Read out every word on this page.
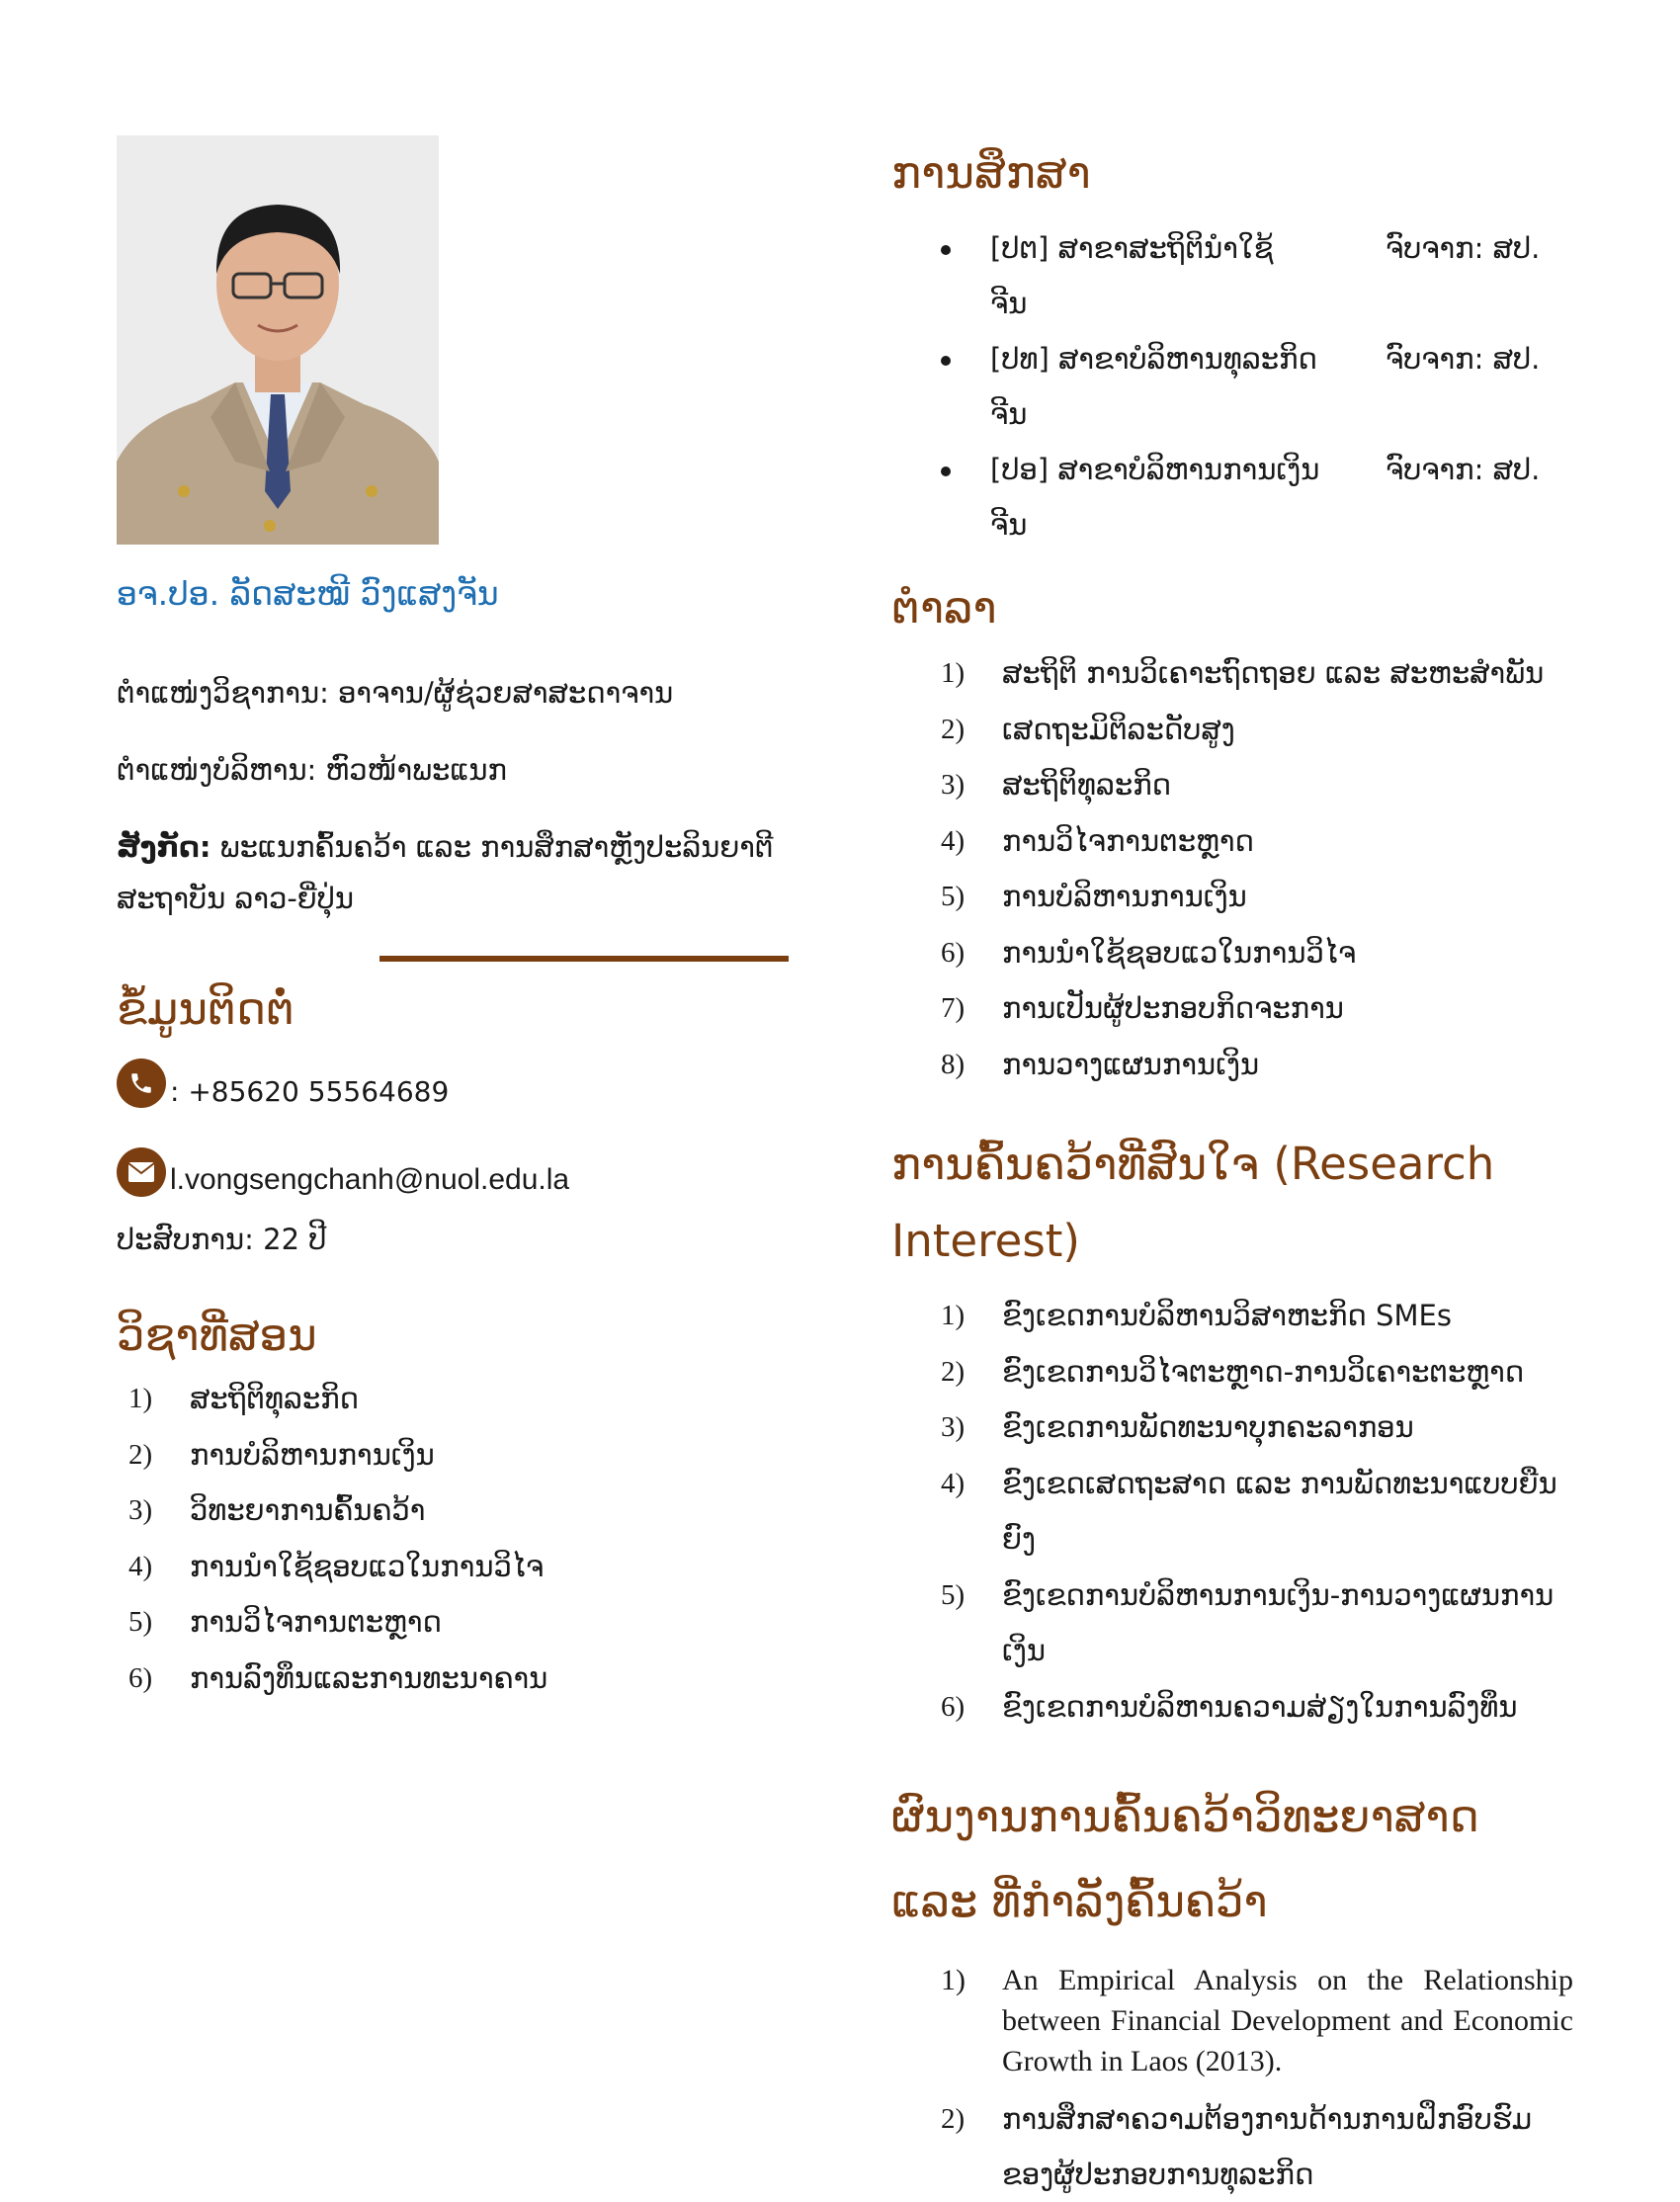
ອຈ.ປອ. ລັດສະໝີ ວົງແສງຈັນ

ຕຳແໜ່ງວິຊາການ: ອາຈານ/ຜູ້ຊ່ວຍສາສະດາຈານ

ຕຳແໜ່ງບໍລິຫານ: ຫົວໜ້າພະແນກ

ສັງກັດ: ພະແນກຄົ້ນຄວ້າ ແລະ ການສຶກສາຫຼັງປະລິນຍາຕີ ສະຖາບັນ ລາວ-ຍີ່ປຸ່ນ

ຂໍ້ມູນຕິດຕໍ່
: +85620 55564689
l.vongsengchanh@nuol.edu.la
ປະສົບການ: 22 ປີ
ວິຊາທີ່ສອນ
1)	ສະຖິຕິທຸລະກິດ
2)	ການບໍລິຫານການເງິນ
3)	ວິທະຍາການຄົ້ນຄວ້າ
4)	ການນຳໃຊ້ຊອບແວໃນການວິໄຈ
5)	ການວິໄຈການຕະຫຼາດ
6)	ການລົງທຶນແລະການທະນາຄານ
ການສຶກສາ
[ປຕ] ສາຂາສະຖິຕິນຳໃຊ້	ຈົບຈາກ: ສປ.
ຈີນ
[ປທ] ສາຂາບໍລິຫານທຸລະກິດ	ຈົບຈາກ: ສປ.
ຈີນ
[ປອ] ສາຂາບໍລິຫານການເງິນ	ຈົບຈາກ: ສປ.
ຈີນ
ຕຳລາ
1)	ສະຖິຕິ ການວິເຄາະຖົດຖອຍ ແລະ ສະຫະສຳພັນ
2)	ເສດຖະມິຕິລະດັບສູງ
3)	ສະຖິຕິທຸລະກິດ
4)	ການວິໄຈການຕະຫຼາດ
5)	ການບໍລິຫານການເງິນ
6)	ການນຳໃຊ້ຊອບແວໃນການວິໄຈ
7)	ການເປັນຜູ້ປະກອບກິດຈະການ
8)	ການວາງແຜນການເງິນ
ການຄົ້ນຄວ້າທີ່ສົນໃຈ (Research Interest)
1)	ຂົງເຂດການບໍລິຫານວິສາຫະກິດ SMEs
2)	ຂົງເຂດການວິໄຈຕະຫຼາດ-ການວິເຄາະຕະຫຼາດ
3)	ຂົງເຂດການພັດທະນາບຸກຄະລາກອນ
4)	ຂົງເຂດເສດຖະສາດ ແລະ ການພັດທະນາແບບຍືນຍົງ
5)	ຂົງເຂດການບໍລິຫານການເງິນ-ການວາງແຜນການເງິນ
6)	ຂົງເຂດການບໍລິຫານຄວາມສ່ຽງໃນການລົງທຶນ
ຜົນງານການຄົ້ນຄວ້າວິທະຍາສາດ ແລະ ທີ່ກຳລັງຄົ້ນຄວ້າ
1)	An Empirical Analysis on the Relationship between Financial Development and Economic Growth in Laos (2013).
2)	ການສຶກສາຄວາມຕ້ອງການດ້ານການຝຶກອົບຮົມຂອງຜູ້ປະກອບການທຸລະກິດ
